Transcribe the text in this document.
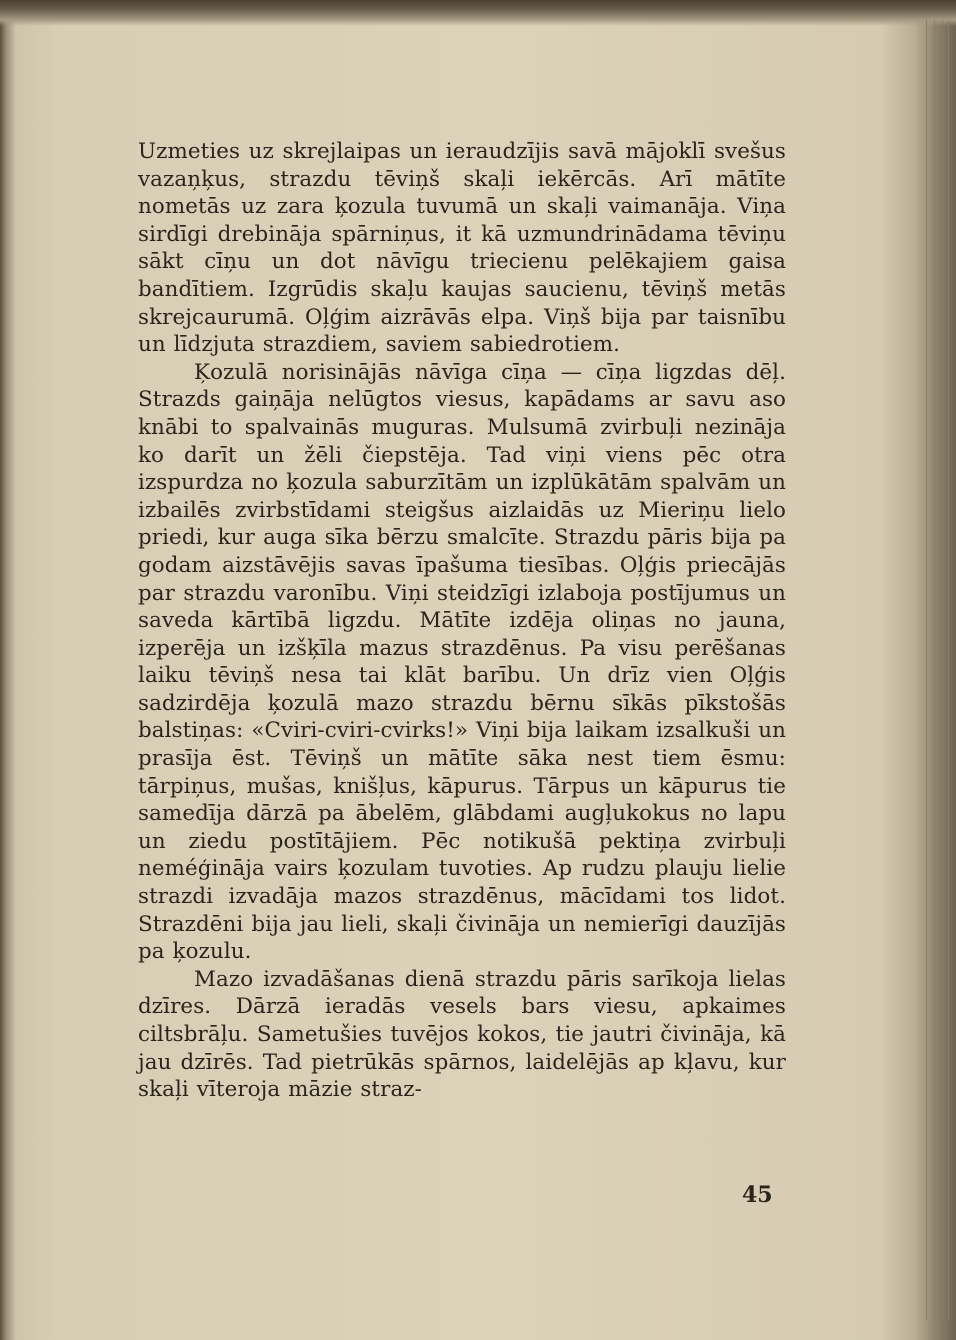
Uzmeties uz skrejlaipas un ieraudzījis savā mājoklī svešus vazaņķus, strazdu tēviņš skaļi iekērcās. Arī mātīte nometās uz zara ķozula tuvumā un skaļi vaimanāja. Viņa sirdīgi drebināja spārniņus, it kā uzmundrinādama tēviņu sākt cīņu un dot nāvīgu triecienu pelēkajiem gaisa bandītiem. Izgrūdis skaļu kaujas saucienu, tēviņš metās skrejcaurumā. Oļģim aizrāvās elpa. Viņš bija par taisnību un līdzjuta strazdiem, saviem sabiedrotiem.

Ķozulā norisinājās nāvīga cīņa — cīņa ligzdas dēļ. Strazds gaiņāja nelūgtos viesus, kapādams ar savu aso knābi to spalvainās muguras. Mulsumā zvirbuļi nezināja ko darīt un žēli čiepstēja. Tad viņi viens pēc otra izspurdza no ķozula saburzītām un izplūkātām spalvām un izbailēs zvirbstīdami steigšus aizlaidās uz Mieriņu lielo priedi, kur auga sīka bērzu smalcīte. Strazdu pāris bija pa godam aizstāvējis savas īpašuma tiesības. Oļģis priecājās par strazdu varonību. Viņi steidzīgi izlaboja postījumus un saveda kārtībā ligzdu. Mātīte izdēja oliņas no jauna, izperēja un izšķīla mazus strazdēnus. Pa visu perēšanas laiku tēviņš nesa tai klāt barību. Un drīz vien Oļģis sadzirdēja ķozulā mazo strazdu bērnu sīkās pīkstošās balstiņas: «Cviri-cviri-cvirks!» Viņi bija laikam izsalkuši un prasīja ēst. Tēviņš un mātīte sāka nest tiem ēsmu: tārpiņus, mušas, knišļus, kāpurus. Tārpus un kāpurus tie samedīja dārzā pa ābelēm, glābdami augļukokus no lapu un ziedu postītājiem. Pēc notikušā pektiņa zvirbuļi neméģināja vairs ķozulam tuvoties. Ap rudzu plauju lielie strazdi izvadāja mazos strazdēnus, mācīdami tos lidot. Strazdēni bija jau lieli, skaļi čivināja un nemierīgi dauzījās pa ķozulu.

Mazo izvadāšanas dienā strazdu pāris sarīkoja lielas dzīres. Dārzā ieradās vesels bars viesu, apkaimes ciltsbrāļu. Sametušies tuvējos kokos, tie jautri čivināja, kā jau dzīrēs. Tad pietrūkās spārnos, laidelējās ap kļavu, kur skaļi vīteroja māzie straz-

45
